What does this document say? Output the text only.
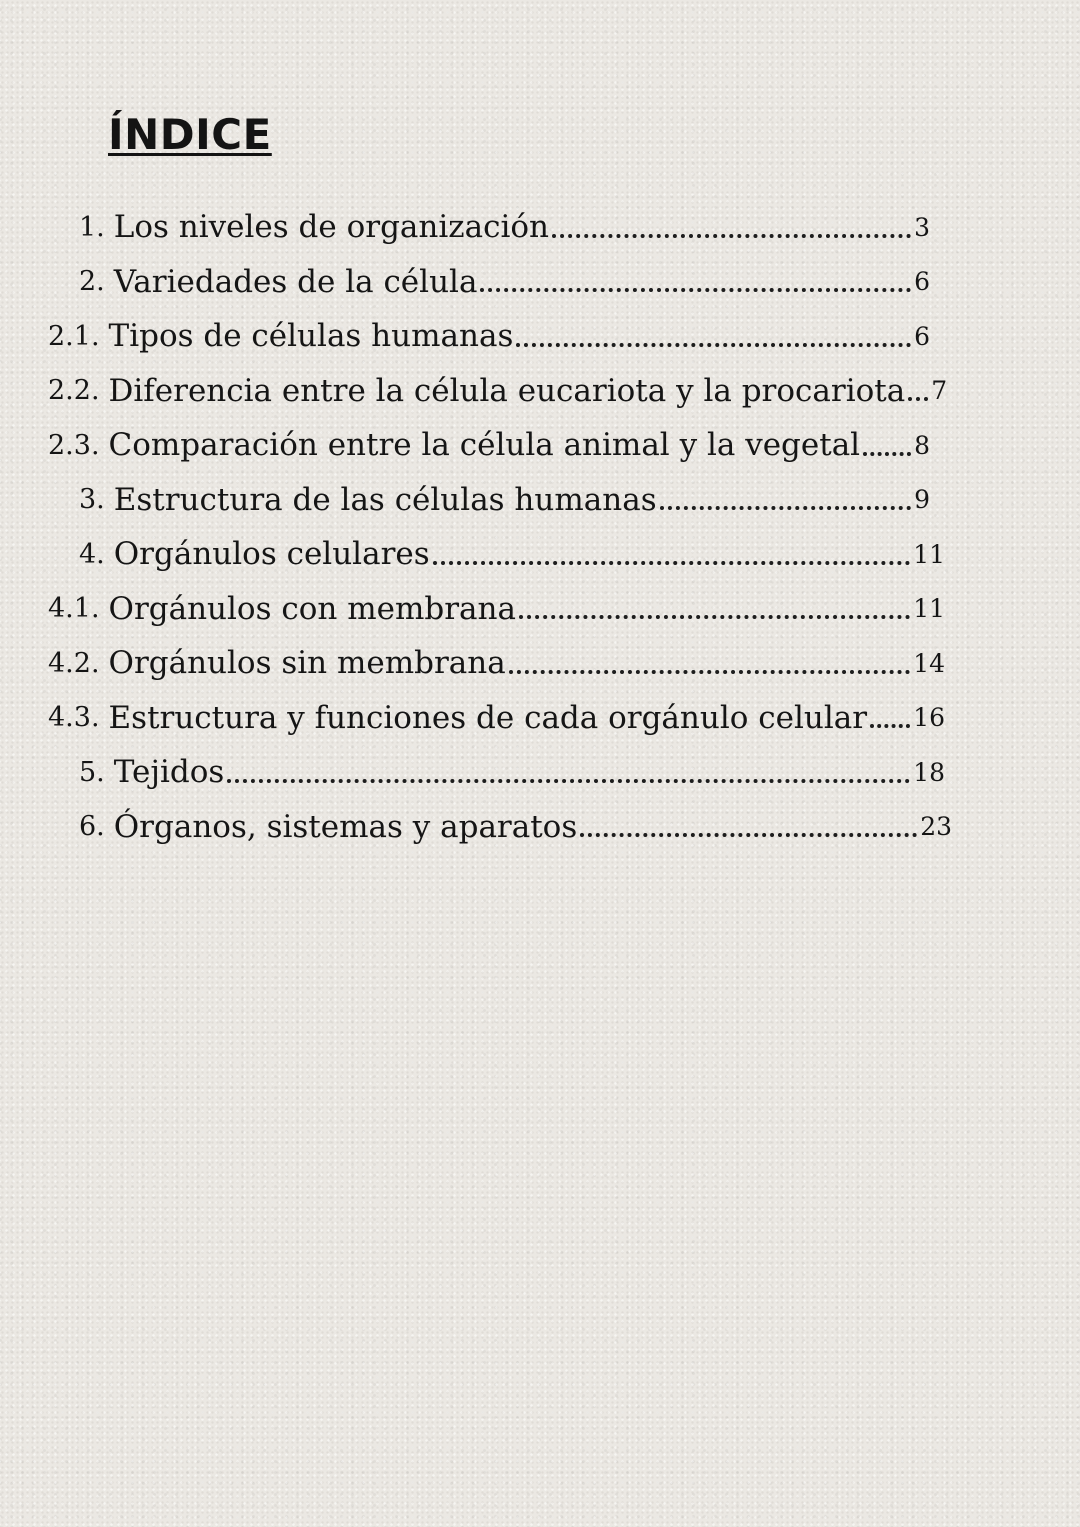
ÍNDICE
1. Los niveles de organización	3
2. Variedades de la célula	6
2.1. Tipos de células humanas	6
2.2. Diferencia entre la célula eucariota y la procariota 7
2.3. Comparación entre la célula animal y la vegetal 8
3. Estructura de las células humanas	9
4. Orgánulos celulares	11
4.1. Orgánulos con membrana	11
4.2. Orgánulos sin membrana	14
4.3. Estructura y funciones de cada orgánulo celular 16
5. Tejidos	18
6. Órganos, sistemas y aparatos	23
